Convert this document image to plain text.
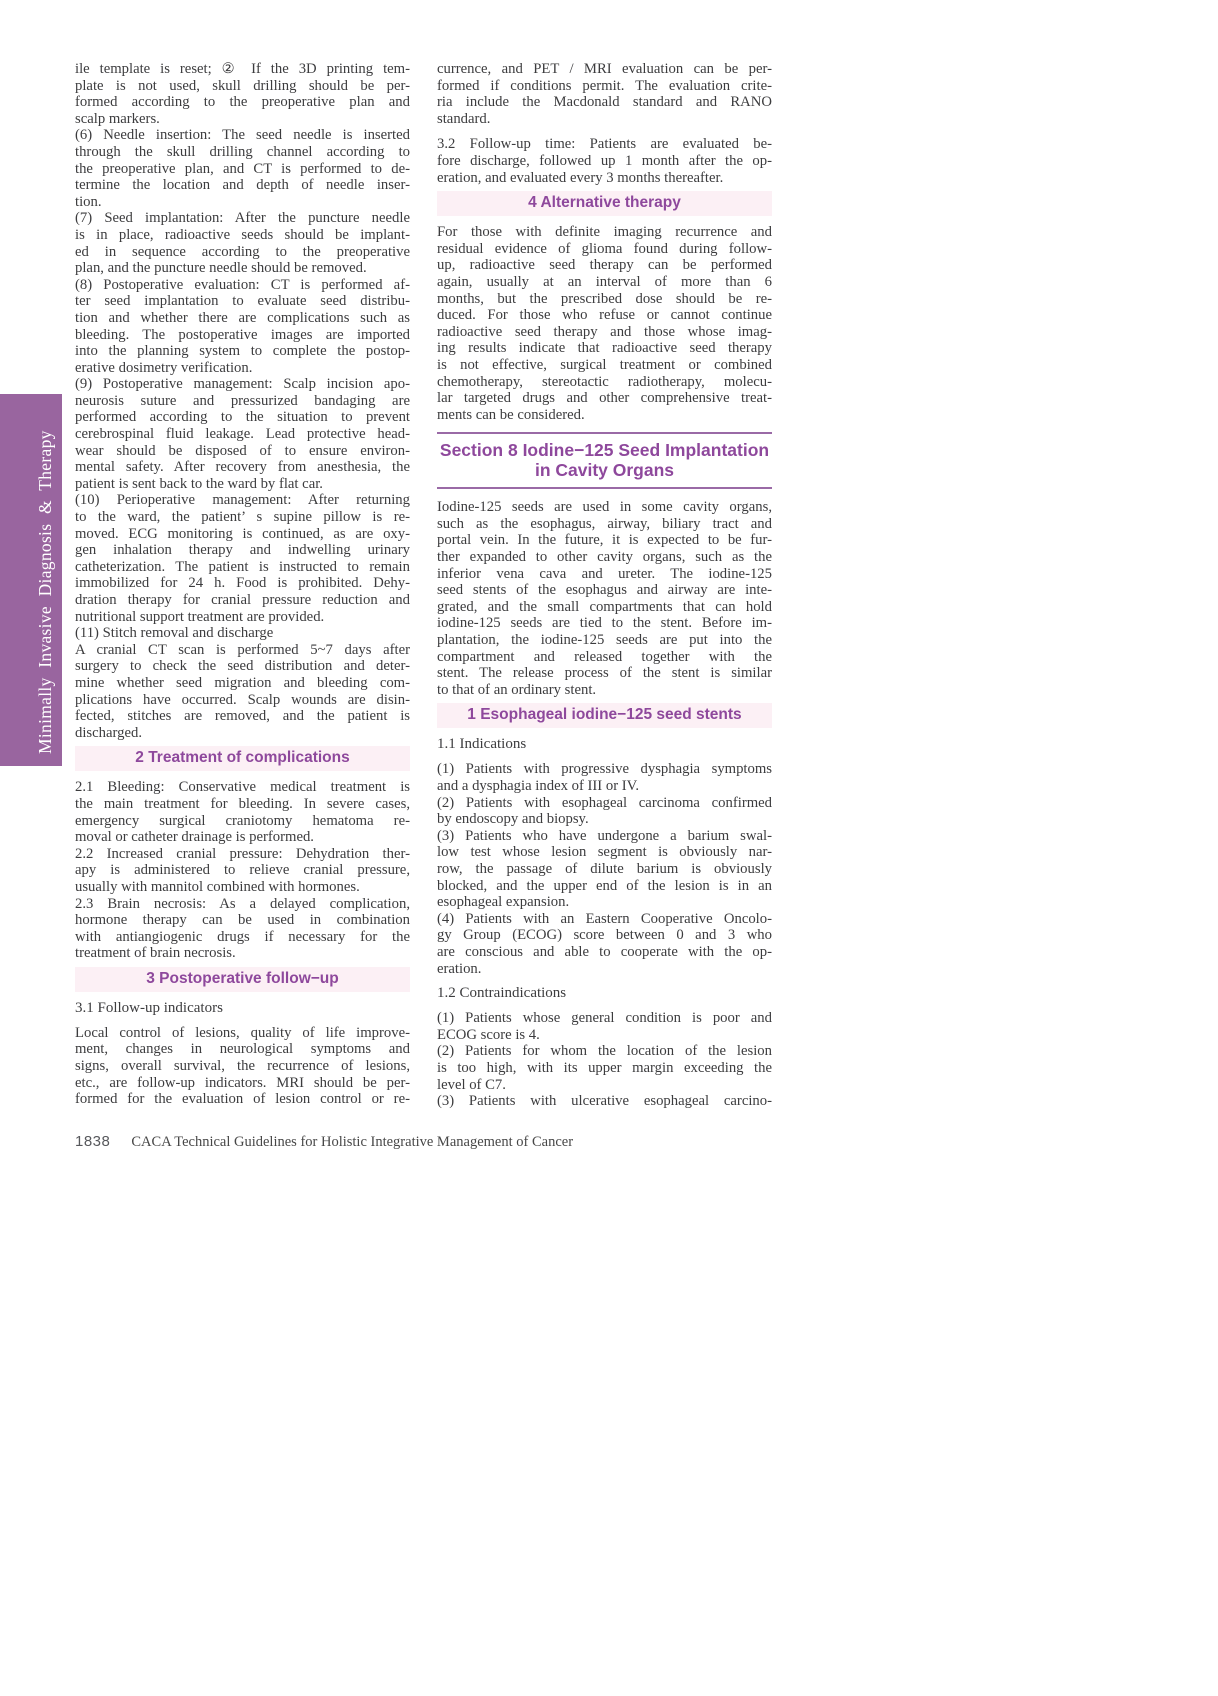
Minimally Invasive Diagnosis & Therapy
ile template is reset; ② If the 3D printing tem-
plate is not used, skull drilling should be per-
formed according to the preoperative plan and
scalp markers.
(6) Needle insertion: The seed needle is inserted
through the skull drilling channel according to
the preoperative plan, and CT is performed to de-
termine the location and depth of needle inser-
tion.
(7) Seed implantation: After the puncture needle
is in place, radioactive seeds should be implant-
ed in sequence according to the preoperative
plan, and the puncture needle should be removed.
(8) Postoperative evaluation: CT is performed af-
ter seed implantation to evaluate seed distribu-
tion and whether there are complications such as
bleeding. The postoperative images are imported
into the planning system to complete the postop-
erative dosimetry verification.
(9) Postoperative management: Scalp incision apo-
neurosis suture and pressurized bandaging are
performed according to the situation to prevent
cerebrospinal fluid leakage. Lead protective head-
wear should be disposed of to ensure environ-
mental safety. After recovery from anesthesia, the
patient is sent back to the ward by flat car.
(10) Perioperative management: After returning
to the ward, the patient’ s supine pillow is re-
moved. ECG monitoring is continued, as are oxy-
gen inhalation therapy and indwelling urinary
catheterization. The patient is instructed to remain
immobilized for 24 h. Food is prohibited. Dehy-
dration therapy for cranial pressure reduction and
nutritional support treatment are provided.
(11) Stitch removal and discharge
A cranial CT scan is performed 5~7 days after
surgery to check the seed distribution and deter-
mine whether seed migration and bleeding com-
plications have occurred. Scalp wounds are disin-
fected, stitches are removed, and the patient is
discharged.
2 Treatment of complications
2.1 Bleeding: Conservative medical treatment is
the main treatment for bleeding. In severe cases,
emergency surgical craniotomy hematoma re-
moval or catheter drainage is performed.
2.2 Increased cranial pressure: Dehydration ther-
apy is administered to relieve cranial pressure,
usually with mannitol combined with hormones.
2.3 Brain necrosis: As a delayed complication,
hormone therapy can be used in combination
with antiangiogenic drugs if necessary for the
treatment of brain necrosis.
3 Postoperative follow−up
3.1 Follow-up indicators
Local control of lesions, quality of life improve-
ment, changes in neurological symptoms and
signs, overall survival, the recurrence of lesions,
etc., are follow-up indicators. MRI should be per-
formed for the evaluation of lesion control or re-
currence, and PET / MRI evaluation can be per-
formed if conditions permit. The evaluation crite-
ria include the Macdonald standard and RANO
standard.
3.2 Follow-up time: Patients are evaluated be-
fore discharge, followed up 1 month after the op-
eration, and evaluated every 3 months thereafter.
4 Alternative therapy
For those with definite imaging recurrence and
residual evidence of glioma found during follow-
up, radioactive seed therapy can be performed
again, usually at an interval of more than 6
months, but the prescribed dose should be re-
duced. For those who refuse or cannot continue
radioactive seed therapy and those whose imag-
ing results indicate that radioactive seed therapy
is not effective, surgical treatment or combined
chemotherapy, stereotactic radiotherapy, molecu-
lar targeted drugs and other comprehensive treat-
ments can be considered.
Section 8 Iodine−125 Seed Implantation
in Cavity Organs
Iodine-125 seeds are used in some cavity organs,
such as the esophagus, airway, biliary tract and
portal vein. In the future, it is expected to be fur-
ther expanded to other cavity organs, such as the
inferior vena cava and ureter. The iodine-125
seed stents of the esophagus and airway are inte-
grated, and the small compartments that can hold
iodine-125 seeds are tied to the stent. Before im-
plantation, the iodine-125 seeds are put into the
compartment and released together with the
stent. The release process of the stent is similar
to that of an ordinary stent.
1 Esophageal iodine−125 seed stents
1.1 Indications
(1) Patients with progressive dysphagia symptoms
and a dysphagia index of III or IV.
(2) Patients with esophageal carcinoma confirmed
by endoscopy and biopsy.
(3) Patients who have undergone a barium swal-
low test whose lesion segment is obviously nar-
row, the passage of dilute barium is obviously
blocked, and the upper end of the lesion is in an
esophageal expansion.
(4) Patients with an Eastern Cooperative Oncolo-
gy Group (ECOG) score between 0 and 3 who
are conscious and able to cooperate with the op-
eration.
1.2 Contraindications
(1) Patients whose general condition is poor and
ECOG score is 4.
(2) Patients for whom the location of the lesion
is too high, with its upper margin exceeding the
level of C7.
(3) Patients with ulcerative esophageal carcino-
1838 CACA Technical Guidelines for Holistic Integrative Management of Cancer
